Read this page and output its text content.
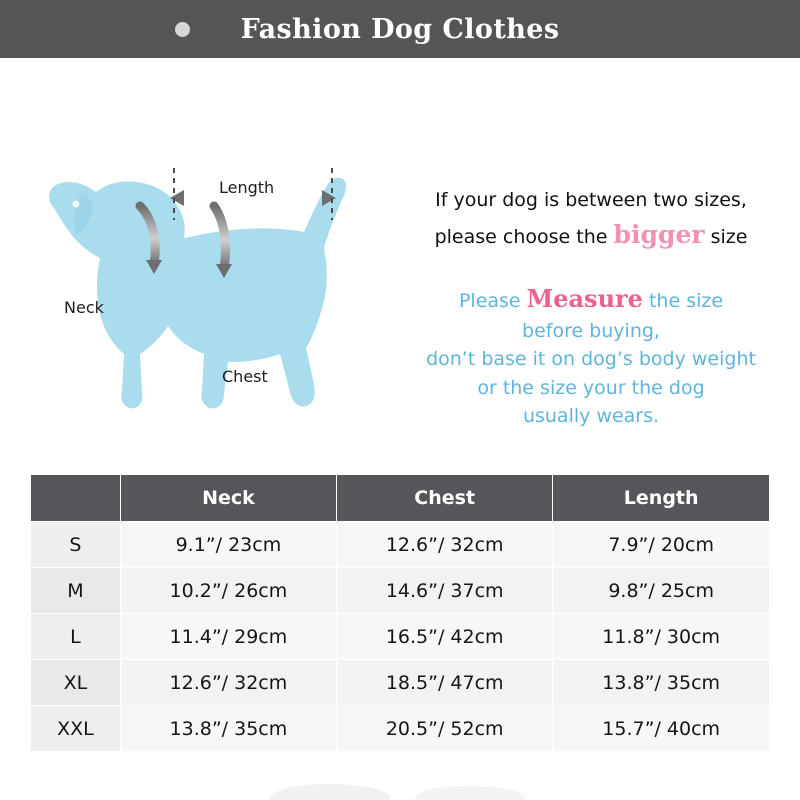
Fashion Dog Clothes
Length
Neck
Chest
If your dog is between two sizes,
please choose the bigger size
Please Measure the size
before buying,
don’t base it on dog’s body weight
or the size your the dog
usually wears.
	Neck	Chest	Length
S	9.1”/ 23cm	12.6”/ 32cm	7.9”/ 20cm
M	10.2”/ 26cm	14.6”/ 37cm	9.8”/ 25cm
L	11.4”/ 29cm	16.5”/ 42cm	11.8”/ 30cm
XL	12.6”/ 32cm	18.5”/ 47cm	13.8”/ 35cm
XXL	13.8”/ 35cm	20.5”/ 52cm	15.7”/ 40cm
